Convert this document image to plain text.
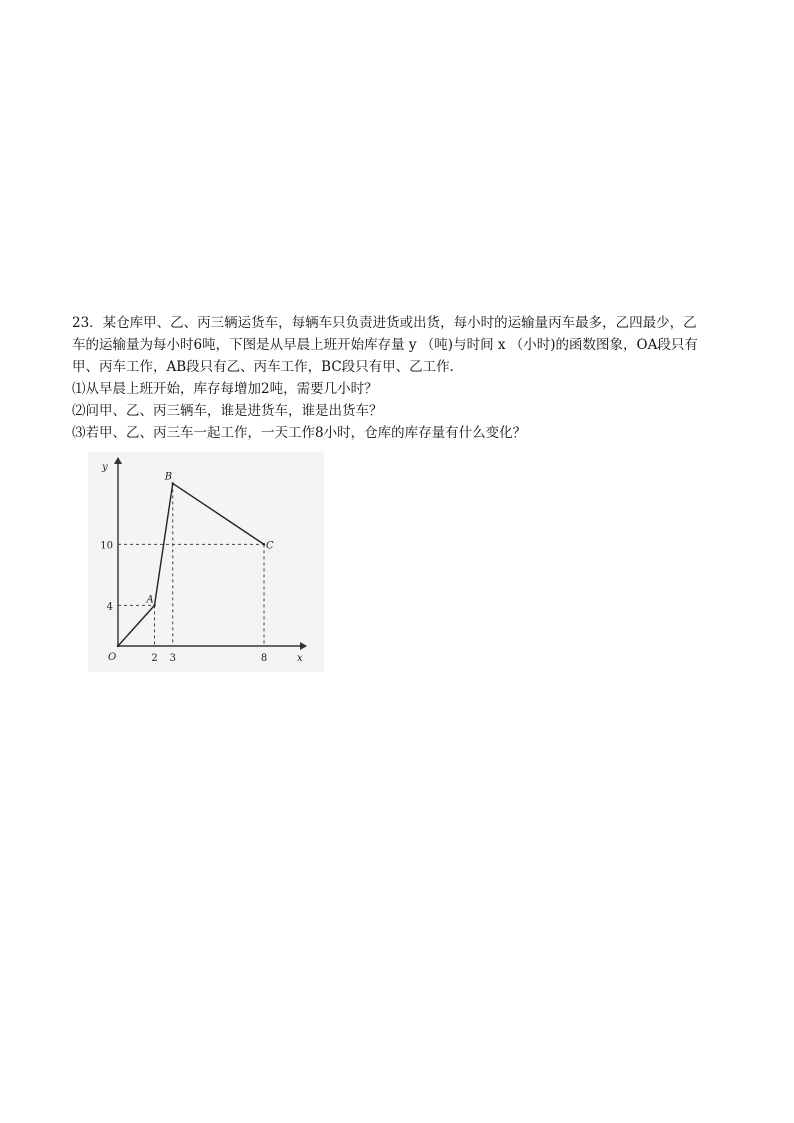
23．某仓库甲、乙、丙三辆运货车，每辆车只负责进货或出货，每小时的运输量丙车最多，乙四最少，乙

车的运输量为每小时6吨，下图是从早晨上班开始库存量 y （吨)与时间 x （小时)的函数图象，OA段只有

甲、丙车工作，AB段只有乙、丙车工作，BC段只有甲、乙工作．

⑴从早晨上班开始，库存每增加2吨，需要几小时？

⑵问甲、乙、丙三辆车，谁是进货车，谁是出货车？

⑶若甲、乙、丙三车一起工作，一天工作8小时，仓库的库存量有什么变化？

x
y
O	2 3	8
4
10
A
B
C
